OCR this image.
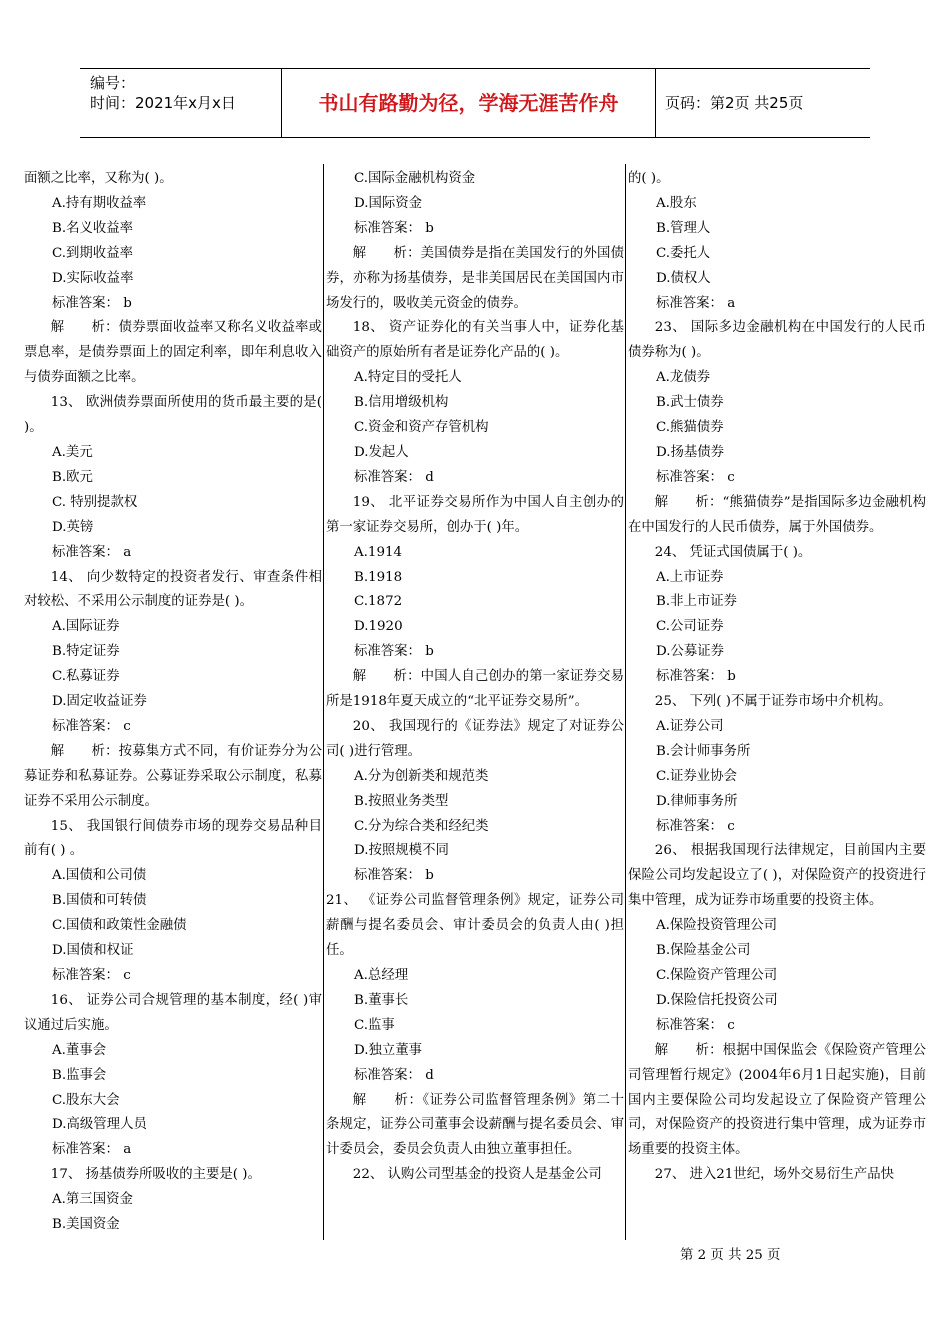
编号：
时间：2021年x月x日	书山有路勤为径，学海无涯苦作舟	页码：第2页 共25页

面额之比率，又称为( )。

A.持有期收益率

B.名义收益率

C.到期收益率

D.实际收益率

标准答案： b

解　　析：债券票面收益率又称名义收益率或票息率，是债券票面上的固定利率，即年利息收入与债券面额之比率。

13、 欧洲债券票面所使用的货币最主要的是( )。

A.美元

B.欧元

C. 特别提款权

D.英镑

标准答案： a

14、 向少数特定的投资者发行、审查条件相对较松、不采用公示制度的证券是( )。

A.国际证券

B.特定证券

C.私募证券

D.固定收益证券

标准答案： c

解　　析：按募集方式不同，有价证券分为公募证券和私募证券。公募证券采取公示制度，私募证券不采用公示制度。

15、 我国银行间债券市场的现券交易品种目前有( ) 。

A.国债和公司债

B.国债和可转债

C.国债和政策性金融债

D.国债和权证

标准答案： c

16、 证券公司合规管理的基本制度，经( )审议通过后实施。

A.董事会

B.监事会

C.股东大会

D.高级管理人员

标准答案： a

17、 扬基债券所吸收的主要是( )。

A.第三国资金

B.美国资金

C.国际金融机构资金

D.国际资金

标准答案： b

解　　析：美国债券是指在美国发行的外国债券，亦称为扬基债券，是非美国居民在美国国内市场发行的，吸收美元资金的债券。

18、 资产证券化的有关当事人中，证券化基础资产的原始所有者是证券化产品的( )。

A.特定目的受托人

B.信用增级机构

C.资金和资产存管机构

D.发起人

标准答案： d

19、 北平证券交易所作为中国人自主创办的第一家证券交易所，创办于( )年。

A.1914

B.1918

C.1872

D.1920

标准答案： b

解　　析：中国人自己创办的第一家证券交易所是1918年夏天成立的“北平证券交易所”。

20、 我国现行的《证券法》规定了对证券公司( )进行管理。

A.分为创新类和规范类

B.按照业务类型

C.分为综合类和经纪类

D.按照规模不同

标准答案： b

21、 《证券公司监督管理条例》规定，证券公司薪酬与提名委员会、审计委员会的负责人由( )担任。

A.总经理

B.董事长

C.监事

D.独立董事

标准答案： d

解　　析：《证券公司监督管理条例》第二十条规定，证券公司董事会设薪酬与提名委员会、审计委员会，委员会负责人由独立董事担任。

22、 认购公司型基金的投资人是基金公司

的( )。

A.股东

B.管理人

C.委托人

D.债权人

标准答案： a

23、 国际多边金融机构在中国发行的人民币债券称为( )。

A.龙债券

B.武士债券

C.熊猫债券

D.扬基债券

标准答案： c

解　　析：“熊猫债券”是指国际多边金融机构在中国发行的人民币债券，属于外国债券。

24、 凭证式国债属于( )。

A.上市证券

B.非上市证券

C.公司证券

D.公募证券

标准答案： b

25、 下列( )不属于证券市场中介机构。

A.证券公司

B.会计师事务所

C.证券业协会

D.律师事务所

标准答案： c

26、 根据我国现行法律规定，目前国内主要保险公司均发起设立了( )，对保险资产的投资进行集中管理，成为证券市场重要的投资主体。

A.保险投资管理公司

B.保险基金公司

C.保险资产管理公司

D.保险信托投资公司

标准答案： c

解　　析：根据中国保监会《保险资产管理公司管理暂行规定》(2004年6月1日起实施)，目前国内主要保险公司均发起设立了保险资产管理公司，对保险资产的投资进行集中管理，成为证券市场重要的投资主体。

27、 进入21世纪，场外交易衍生产品快

第 2 页 共 25 页
